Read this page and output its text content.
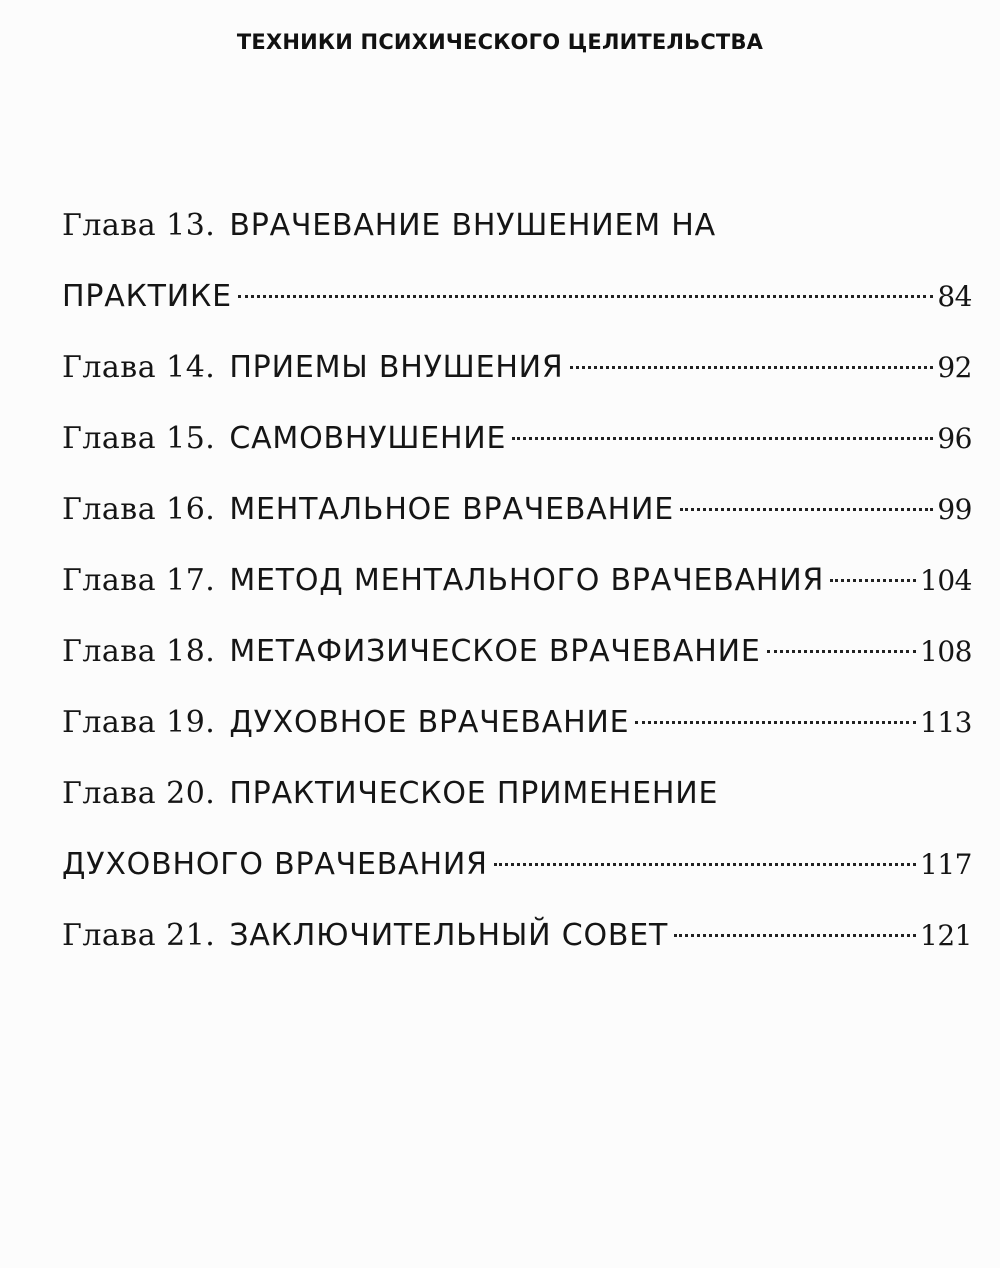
ТЕХНИКИ ПСИХИЧЕСКОГО ЦЕЛИТЕЛЬСТВА
Глава 13. ВРАЧЕВАНИЕ ВНУШЕНИЕМ НА
ПРАКТИКЕ	84
Глава 14. ПРИЕМЫ ВНУШЕНИЯ	92
Глава 15. САМОВНУШЕНИЕ	96
Глава 16. МЕНТАЛЬНОЕ ВРАЧЕВАНИЕ	99
Глава 17. МЕТОД МЕНТАЛЬНОГО ВРАЧЕВАНИЯ	104
Глава 18. МЕТАФИЗИЧЕСКОЕ ВРАЧЕВАНИЕ	108
Глава 19. ДУХОВНОЕ ВРАЧЕВАНИЕ	113
Глава 20. ПРАКТИЧЕСКОЕ ПРИМЕНЕНИЕ
ДУХОВНОГО ВРАЧЕВАНИЯ	117
Глава 21. ЗАКЛЮЧИТЕЛЬНЫЙ СОВЕТ	121
